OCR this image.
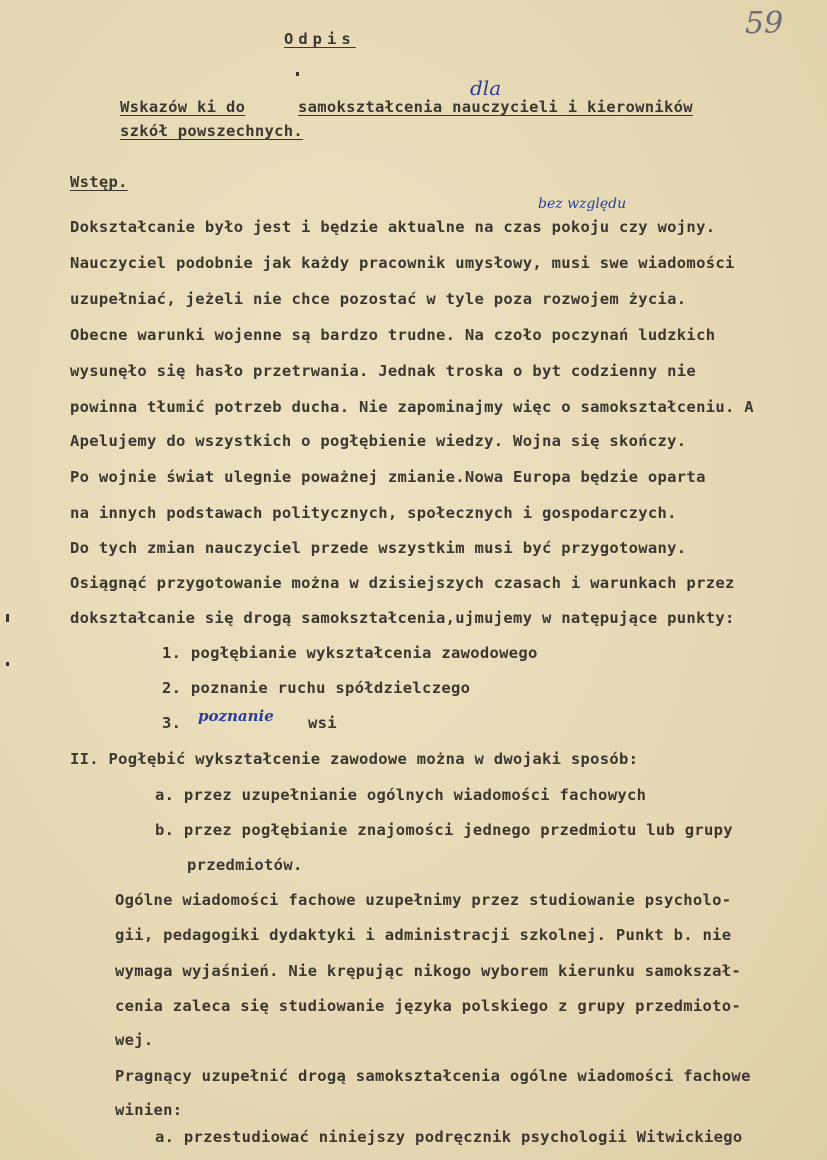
59
Odpis
dla
Wskazów ki do	samokształcenia nauczycieli i kierowników
szkół powszechnych.
Wstęp.
bez względu
Dokształcanie było jest i będzie aktualne na czas pokoju czy wojny.
Nauczyciel podobnie jak każdy pracownik umysłowy, musi swe wiadomości
uzupełniać, jeżeli nie chce pozostać w tyle poza rozwojem życia.
Obecne warunki wojenne są bardzo trudne. Na czoło poczynań ludzkich
wysunęło się hasło przetrwania. Jednak troska o byt codzienny nie
powinna tłumić potrzeb ducha. Nie zapominajmy więc o samokształceniu. A
Apelujemy do wszystkich o pogłębienie wiedzy. Wojna się skończy.
Po wojnie świat ulegnie poważnej zmianie.Nowa Europa będzie oparta
na innych podstawach politycznych, społecznych i gospodarczych.
Do tych zmian nauczyciel przede wszystkim musi być przygotowany.
Osiągnąć przygotowanie można w dzisiejszych czasach i warunkach przez
dokształcanie się drogą samokształcenia,ujmujemy w natępujące punkty:
1. pogłębianie wykształcenia zawodowego
2. poznanie ruchu spółdzielczego
3. poznanie wsi
II. Pogłębić wykształcenie zawodowe można w dwojaki sposób:
a. przez uzupełnianie ogólnych wiadomości fachowych
b. przez pogłębianie znajomości jednego przedmiotu lub grupy
przedmiotów.
Ogólne wiadomości fachowe uzupełnimy przez studiowanie psycholo-
gii, pedagogiki dydaktyki i administracji szkolnej. Punkt b. nie
wymaga wyjaśnień. Nie krępując nikogo wyborem kierunku samokszał-
cenia zaleca się studiowanie języka polskiego z grupy przedmioto-
wej.
Pragnący uzupełnić drogą samokształcenia ogólne wiadomości fachowe
winien:
a. przestudiować niniejszy podręcznik psychologii Witwickiego
